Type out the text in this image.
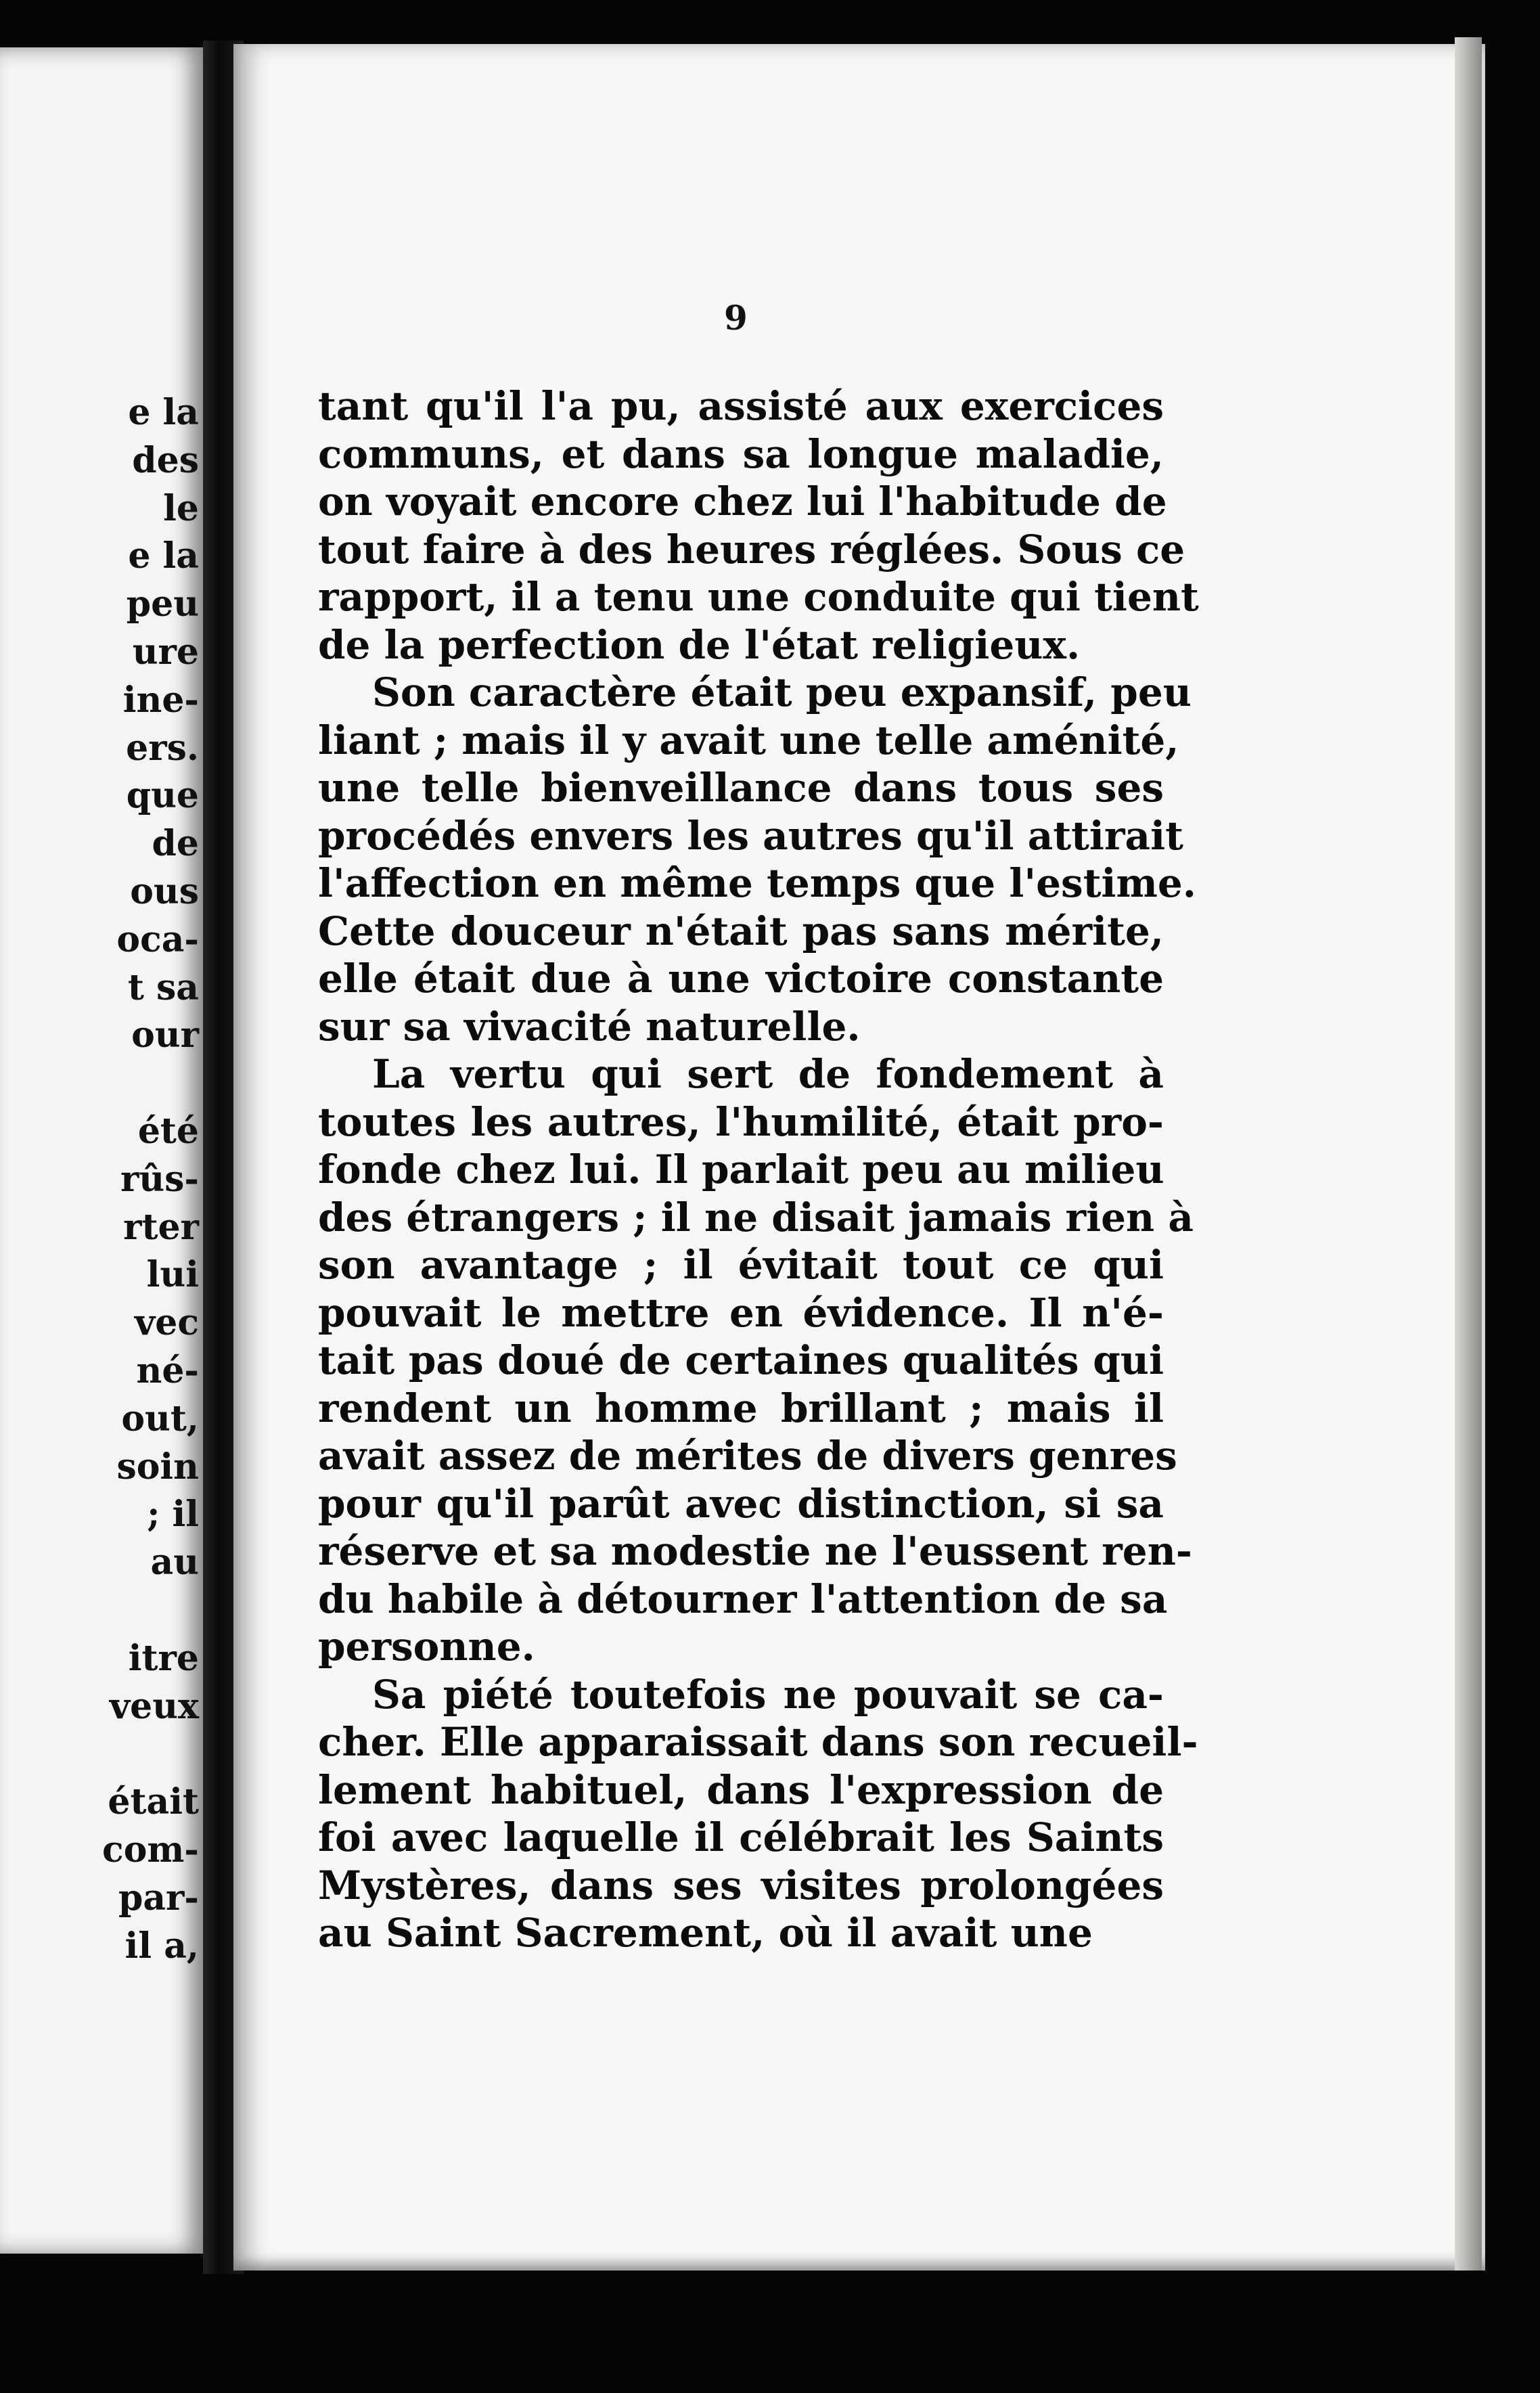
e la
des
le
e la
peu
ure
ine-
ers.
que
de
ous
oca-
t sa
our
été
rûs-
rter
lui
vec
né-
out,
soin
; il
au
itre
veux
était
com-
par-
il a,
9
tant qu'il l'a pu, assisté aux exercices
communs, et dans sa longue maladie,
on voyait encore chez lui l'habitude de
tout faire à des heures réglées. Sous ce
rapport, il a tenu une conduite qui tient
de la perfection de l'état religieux.
Son caractère était peu expansif, peu
liant ; mais il y avait une telle aménité,
une telle bienveillance dans tous ses
procédés envers les autres qu'il attirait
l'affection en même temps que l'estime.
Cette douceur n'était pas sans mérite,
elle était due à une victoire constante
sur sa vivacité naturelle.
La vertu qui sert de fondement à
toutes les autres, l'humilité, était pro-
fonde chez lui. Il parlait peu au milieu
des étrangers ; il ne disait jamais rien à
son avantage ; il évitait tout ce qui
pouvait le mettre en évidence. Il n'é-
tait pas doué de certaines qualités qui
rendent un homme brillant ; mais il
avait assez de mérites de divers genres
pour qu'il parût avec distinction, si sa
réserve et sa modestie ne l'eussent ren-
du habile à détourner l'attention de sa
personne.
Sa piété toutefois ne pouvait se ca-
cher. Elle apparaissait dans son recueil-
lement habituel, dans l'expression de
foi avec laquelle il célébrait les Saints
Mystères, dans ses visites prolongées
au Saint Sacrement, où il avait une
